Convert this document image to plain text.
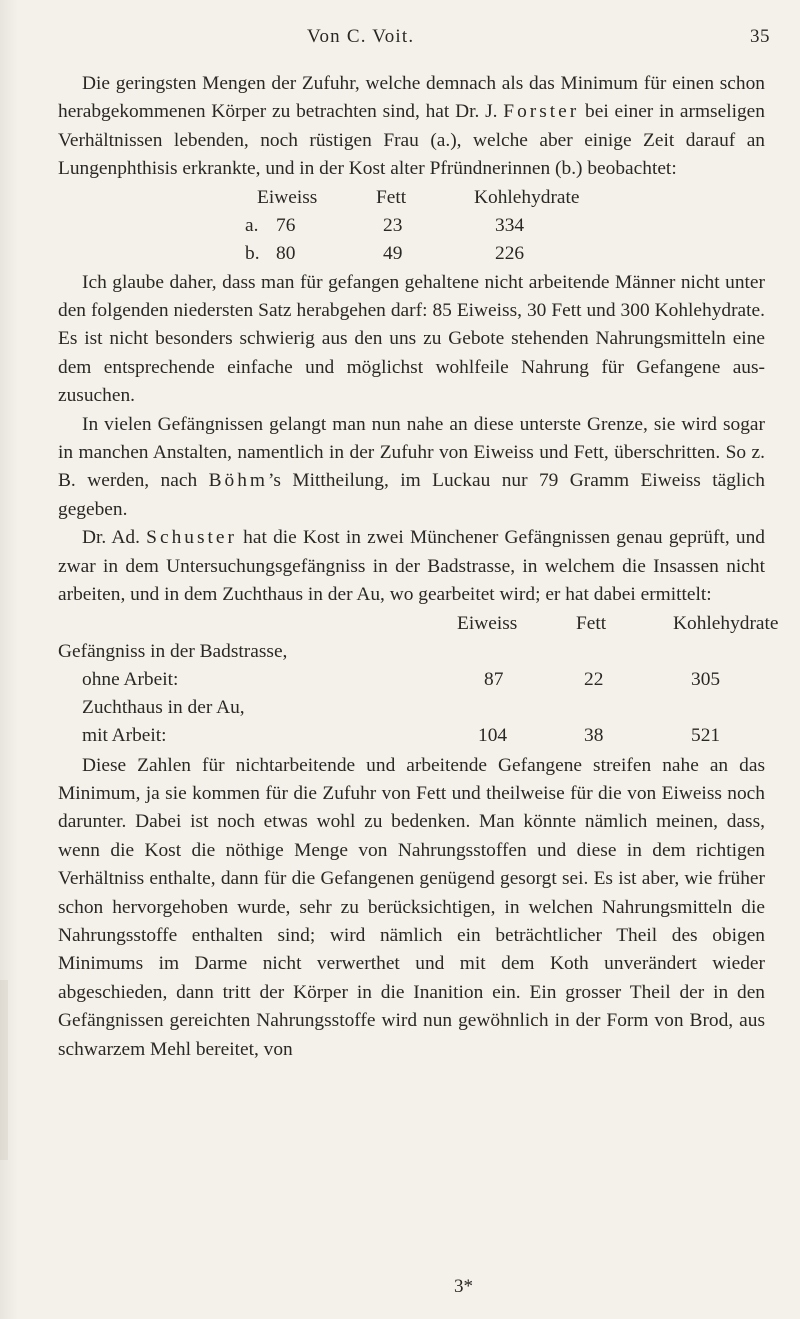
Von C. Voit.	35

Die geringsten Mengen der Zufuhr, welche demnach als das Minimum für einen schon herabgekommenen Körper zu betrachten sind, hat Dr. J. Forster bei einer in armseligen Verhältnissen lebenden, noch rüstigen Frau (a.), welche aber einige Zeit darauf an Lungenphthisis erkrankte, und in der Kost alter Pfründnerinnen (b.) beobachtet:

Eiweiss	Fett	Kohlehydrate
a. 76	23	334
b. 80	49	226

Ich glaube daher, dass man für gefangen gehaltene nicht arbeitende Männer nicht unter den folgenden niedersten Satz herabgehen darf: 85 Eiweiss, 30 Fett und 300 Kohlehydrate. Es ist nicht besonders schwierig aus den uns zu Gebote stehenden Nahrungsmitteln eine dem entsprechende einfache und möglichst wohlfeile Nahrung für Gefangene aus- zusuchen.

In vielen Gefängnissen gelangt man nun nahe an diese unterste Grenze, sie wird sogar in manchen Anstalten, namentlich in der Zufuhr von Eiweiss und Fett, überschritten. So z. B. werden, nach Böhm’s Mittheilung, im Luckau nur 79 Gramm Eiweiss täglich gegeben.

Dr. Ad. Schuster hat die Kost in zwei Münchener Gefängnissen genau geprüft, und zwar in dem Untersuchungsgefängniss in der Badstrasse, in welchem die Insassen nicht arbeiten, und in dem Zuchthaus in der Au, wo gearbeitet wird; er hat dabei ermittelt:

Eiweiss	Fett	Kohlehydrate
Gefängniss in der Badstrasse,
ohne Arbeit:	87	22	305
Zuchthaus in der Au,
mit Arbeit:	104	38	521

Diese Zahlen für nichtarbeitende und arbeitende Gefangene streifen nahe an das Minimum, ja sie kommen für die Zufuhr von Fett und theilweise für die von Eiweiss noch darunter. Dabei ist noch etwas wohl zu bedenken. Man könnte nämlich meinen, dass, wenn die Kost die nöthige Menge von Nahrungsstoffen und diese in dem richtigen Verhältniss enthalte, dann für die Gefangenen genügend gesorgt sei. Es ist aber, wie früher schon hervorgehoben wurde, sehr zu berücksichtigen, in welchen Nahrungsmitteln die Nahrungsstoffe enthalten sind; wird nämlich ein beträchtlicher Theil des obigen Minimums im Darme nicht verwerthet und mit dem Koth unverändert wieder abgeschieden, dann tritt der Körper in die Inanition ein. Ein grosser Theil der in den Gefängnissen gereichten Nahrungsstoffe wird nun gewöhnlich in der Form von Brod, aus schwarzem Mehl bereitet, von

3*
